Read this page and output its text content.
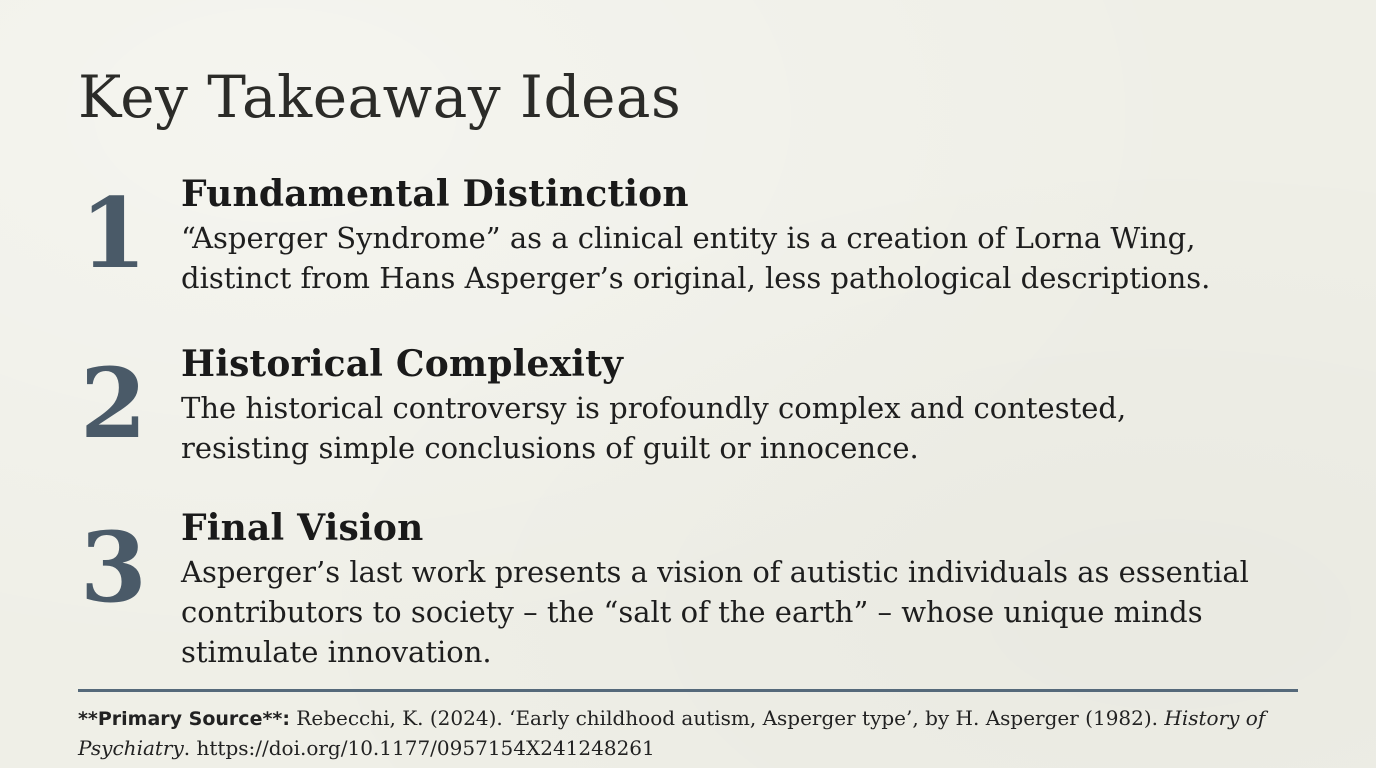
Key Takeaway Ideas
1 Fundamental Distinction

“Asperger Syndrome” as a clinical entity is a creation of Lorna Wing, distinct from Hans Asperger’s original, less pathological descriptions.

2 Historical Complexity

The historical controversy is profoundly complex and contested, resisting simple conclusions of guilt or innocence.

3 Final Vision

Asperger’s last work presents a vision of autistic individuals as essential contributors to society – the “salt of the earth” – whose unique minds stimulate innovation.

**Primary Source**: Rebecchi, K. (2024). ‘Early childhood autism, Asperger type’, by H. Asperger (1982). History of Psychiatry. https://doi.org/10.1177/0957154X241248261
